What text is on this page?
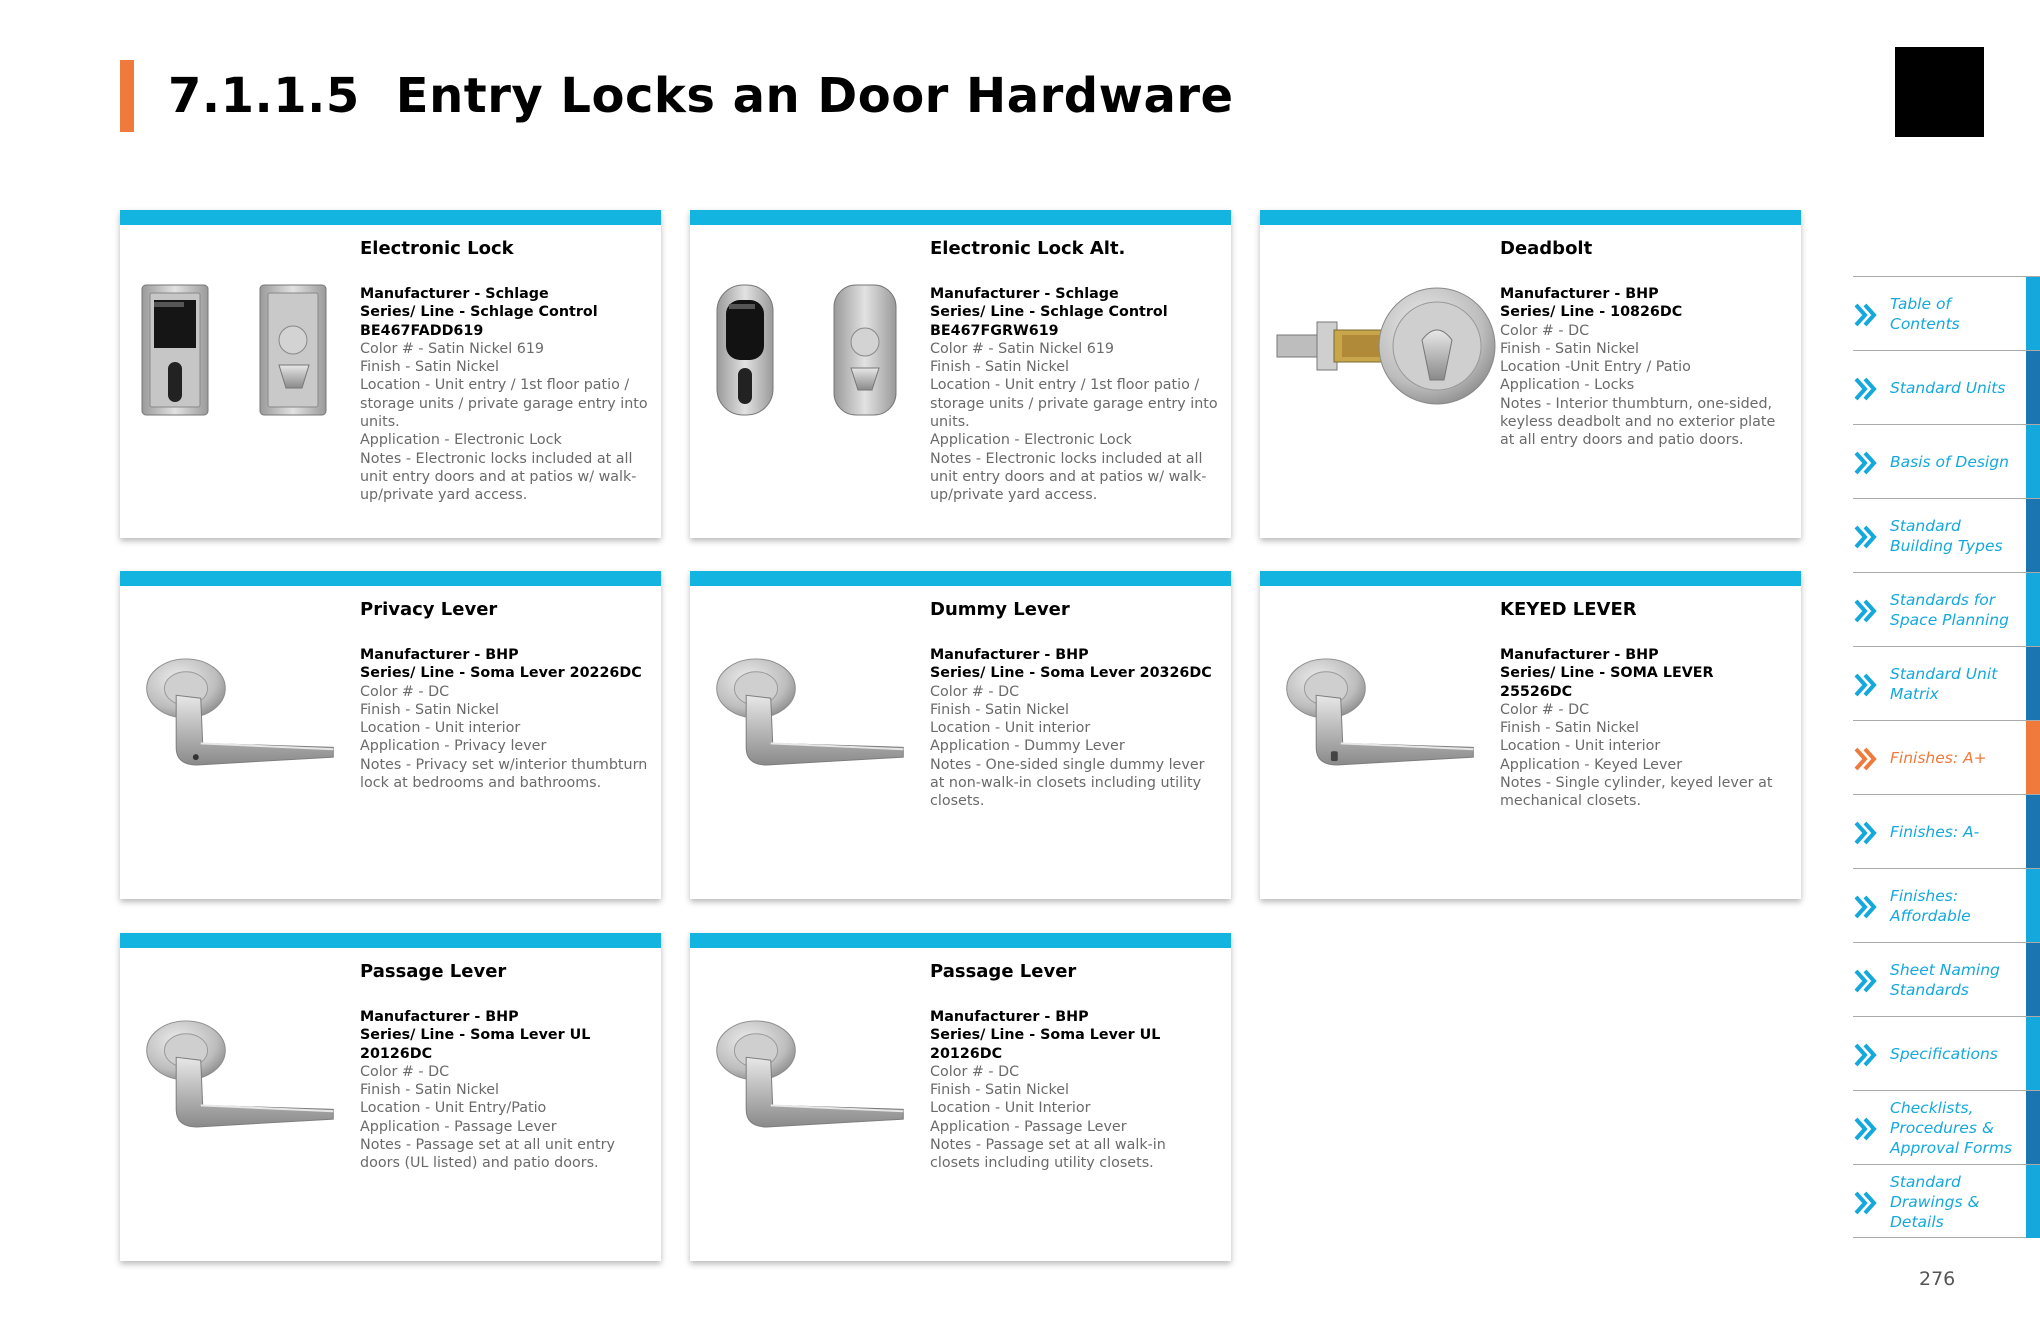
7.1.1.5 Entry Locks an Door Hardware
Electronic Lock
Manufacturer - Schlage
Series/ Line - Schlage Control
BE467FADD619
Color # - Satin Nickel 619
Finish - Satin Nickel
Location - Unit entry / 1st floor patio / storage units / private garage entry into units.
Application - Electronic Lock
Notes - Electronic locks included at all unit entry doors and at patios w/ walk-up/private yard access.
Electronic Lock Alt.
Manufacturer - Schlage
Series/ Line - Schlage Control
BE467FGRW619
Color # - Satin Nickel 619
Finish - Satin Nickel
Location - Unit entry / 1st floor patio / storage units / private garage entry into units.
Application - Electronic Lock
Notes - Electronic locks included at all unit entry doors and at patios w/ walk-up/private yard access.
Deadbolt
Manufacturer - BHP
Series/ Line - 10826DC
Color # - DC
Finish - Satin Nickel
Location -Unit Entry / Patio
Application - Locks
Notes - Interior thumbturn, one-sided, keyless deadbolt and no exterior plate at all entry doors and patio doors.
Privacy Lever
Manufacturer - BHP
Series/ Line - Soma Lever 20226DC
Color # - DC
Finish - Satin Nickel
Location - Unit interior
Application - Privacy lever
Notes - Privacy set w/interior thumbturn lock at bedrooms and bathrooms.
Dummy Lever
Manufacturer - BHP
Series/ Line - Soma Lever 20326DC
Color # - DC
Finish - Satin Nickel
Location - Unit interior
Application - Dummy Lever
Notes - One-sided single dummy lever at non-walk-in closets including utility closets.
KEYED LEVER
Manufacturer - BHP
Series/ Line - SOMA LEVER 25526DC
Color # - DC
Finish - Satin Nickel
Location - Unit interior
Application - Keyed Lever
Notes - Single cylinder, keyed lever at mechanical closets.
Passage Lever
Manufacturer - BHP
Series/ Line - Soma Lever UL 20126DC
Color # - DC
Finish - Satin Nickel
Location - Unit Entry/Patio
Application - Passage Lever
Notes - Passage set at all unit entry doors (UL listed) and patio doors.
Passage Lever
Manufacturer - BHP
Series/ Line - Soma Lever UL 20126DC
Color # - DC
Finish - Satin Nickel
Location - Unit Interior
Application - Passage Lever
Notes - Passage set at all walk-in closets including utility closets.
Table of Contents
Standard Units
Basis of Design
Standard Building Types
Standards for Space Planning
Standard Unit Matrix
Finishes: A+
Finishes: A-
Finishes: Affordable
Sheet Naming Standards
Specifications
Checklists, Procedures & Approval Forms
Standard Drawings & Details
276
